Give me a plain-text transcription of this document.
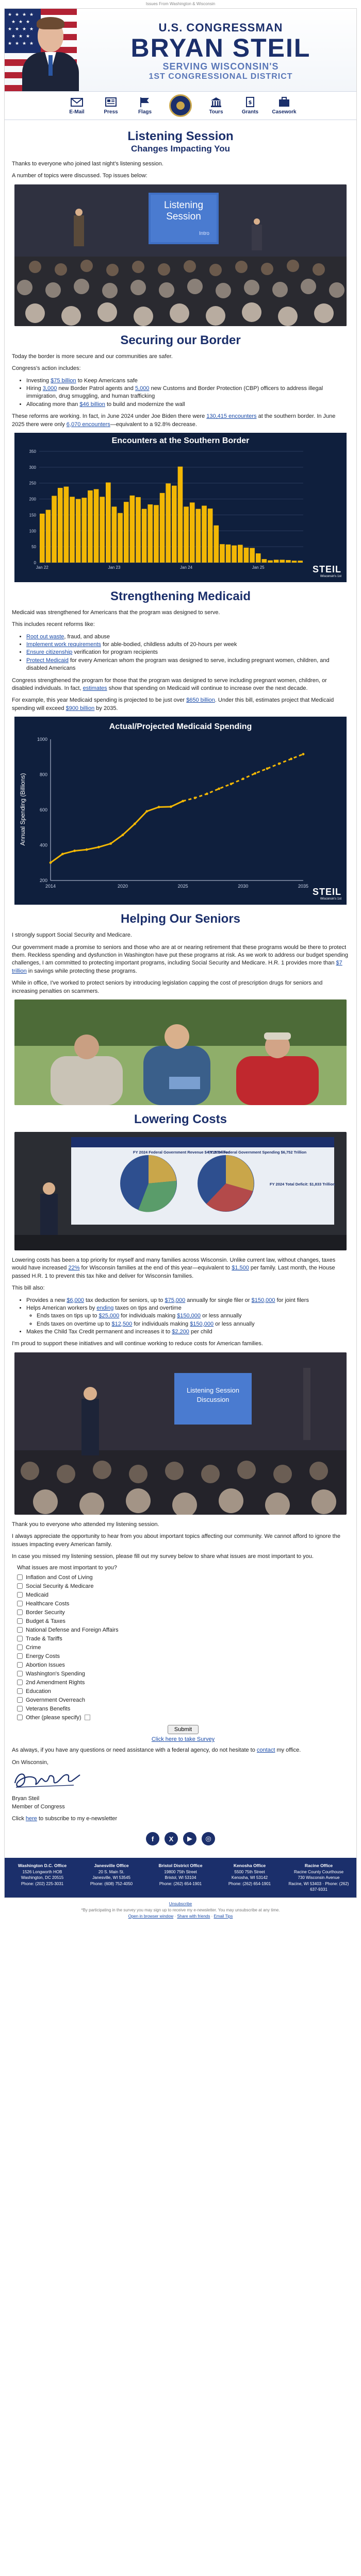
Issues From Washington & Wisconsin
★ ★ ★ ★
★ ★ ★
★ ★ ★ ★
★ ★ ★
★ ★ ★ ★
U.S. CONGRESSMAN
BRYAN STEIL
SERVING WISCONSIN'S
1ST CONGRESSIONAL DISTRICT
E-Mail	Press	Flags	Tours
$
Grants	Casework
Listening Session
Changes Impacting You

Thanks to everyone who joined last night's listening session.

A number of topics were discussed. Top issues below:

Listening
Session
Intro
Securing our Border

Today the border is more secure and our communities are safer.

Congress's action includes:

• Investing $75 billion to Keep Americans safe
• Hiring 3,000 new Border Patrol agents and 5,000 new Customs and Border Protection (CBP) officers to address illegal immigration, drug smuggling, and human trafficking
• Allocating more than $46 billion to build and modernize the wall

These reforms are working. In fact, in June 2024 under Joe Biden there were 130,415 encounters at the southern border. In June 2025 there were only 6,070 encounters—equivalent to a 92.8% decrease.

Encounters at the Southern Border
0
50
100
150
200
250
300
350
Jan 22	Jan 23	Jan 24	Jan 25	STEIL
Wisconsin's 1st
Strengthening Medicaid

Medicaid was strengthened for Americans that the program was designed to serve.

This includes recent reforms like:

• Root out waste, fraud, and abuse
• Implement work requirements for able-bodied, childless adults of 20-hours per week
• Ensure citizenship verification for program recipients
• Protect Medicaid for every American whom the program was designed to serve, including pregnant women, children, and disabled Americans

Congress strengthened the program for those that the program was designed to serve including pregnant women, children, or disabled individuals. In fact, estimates show that spending on Medicaid will continue to increase over the next decade.

For example, this year Medicaid spending is projected to be just over $650 billion. Under this bill, estimates project that Medicaid spending will exceed $900 billion by 2035.

Actual/Projected Medicaid Spending
Annual Spending (Billions)
200
400
600
800
1000
2014	2020	2025	2030	2035
STEIL
Wisconsin's 1st
Helping Our Seniors

I strongly support Social Security and Medicare.

Our government made a promise to seniors and those who are at or nearing retirement that these programs would be there to protect them. Reckless spending and dysfunction in Washington have put these programs at risk. As we work to address our budget spending challenges, I am committed to protecting important programs, including Social Security and Medicare. H.R. 1 provides more than $7 trillion in savings while protecting these programs.

While in office, I've worked to protect seniors by introducing legislation capping the cost of prescription drugs for seniors and increasing penalties on scammers.

Lowering Costs
FY 2024 Federal Government Revenue $4,918 Trillion
FY 2024 Federal Government Spending $6,752 Trillion
FY 2024 Total Deficit: $1,833 Trillion

Lowering costs has been a top priority for myself and many families across Wisconsin. Unlike current law, without changes, taxes would have increased 22% for Wisconsin families at the end of this year—equivalent to $1,500 per family. Last month, the House passed H.R. 1 to prevent this tax hike and deliver for Wisconsin families.

This bill also:

• Provides a new $6,000 tax deduction for seniors, up to $75,000 annually for single filer or $150,000 for joint filers
• Helps American workers by ending taxes on tips and overtime
◦ Ends taxes on tips up to $25,000 for individuals making $150,000 or less annually
◦ Ends taxes on overtime up to $12,500 for individuals making $150,000 or less annually
• Makes the Child Tax Credit permanent and increases it to $2,200 per child

I'm proud to support these initiatives and will continue working to reduce costs for American families.

Listening Session
Discussion

Thank you to everyone who attended my listening session.

I always appreciate the opportunity to hear from you about important topics affecting our community. We cannot afford to ignore the issues impacting every American family.

In case you missed my listening session, please fill out my survey below to share what issues are most important to you.

What issues are most important to you?
Inflation and Cost of Living
Social Security & Medicare
Medicaid
Healthcare Costs
Border Security
Budget & Taxes
National Defense and Foreign Affairs
Trade & Tariffs
Crime
Energy Costs
Abortion Issues
Washington's Spending
2nd Amendment Rights
Education
Government Overreach
Veterans Benefits
Other (please specify)
Submit
Click here to take Survey

As always, if you have any questions or need assistance with a federal agency, do not hesitate to contact my office.

On Wisconsin,

Bryan Steil

Member of Congress

Click here to subscribe to my e-newsletter

f	X	▶	◎
Washington D.C. Office
1526 Longworth HOB
Washington, DC 20515
Phone: (202) 225-3031
Janesville Office
20 S. Main St.
Janesville, WI 53545
Phone: (608) 752-4050
Bristol District Office
19800 75th Street
Bristol, WI 53104
Phone: (262) 654-1901
Kenosha Office
5500 75th Street
Kenosha, WI 53142
Phone: (262) 654-1901
Racine Office
Racine County Courthouse
730 Wisconsin Avenue
Racine, WI 53403 · Phone: (262) 637-9331
Unsubscribe
*By participating in the survey you may sign up to receive my e-newsletter. You may unsubscribe at any time.
Open in browser window · Share with friends · Email Tips
